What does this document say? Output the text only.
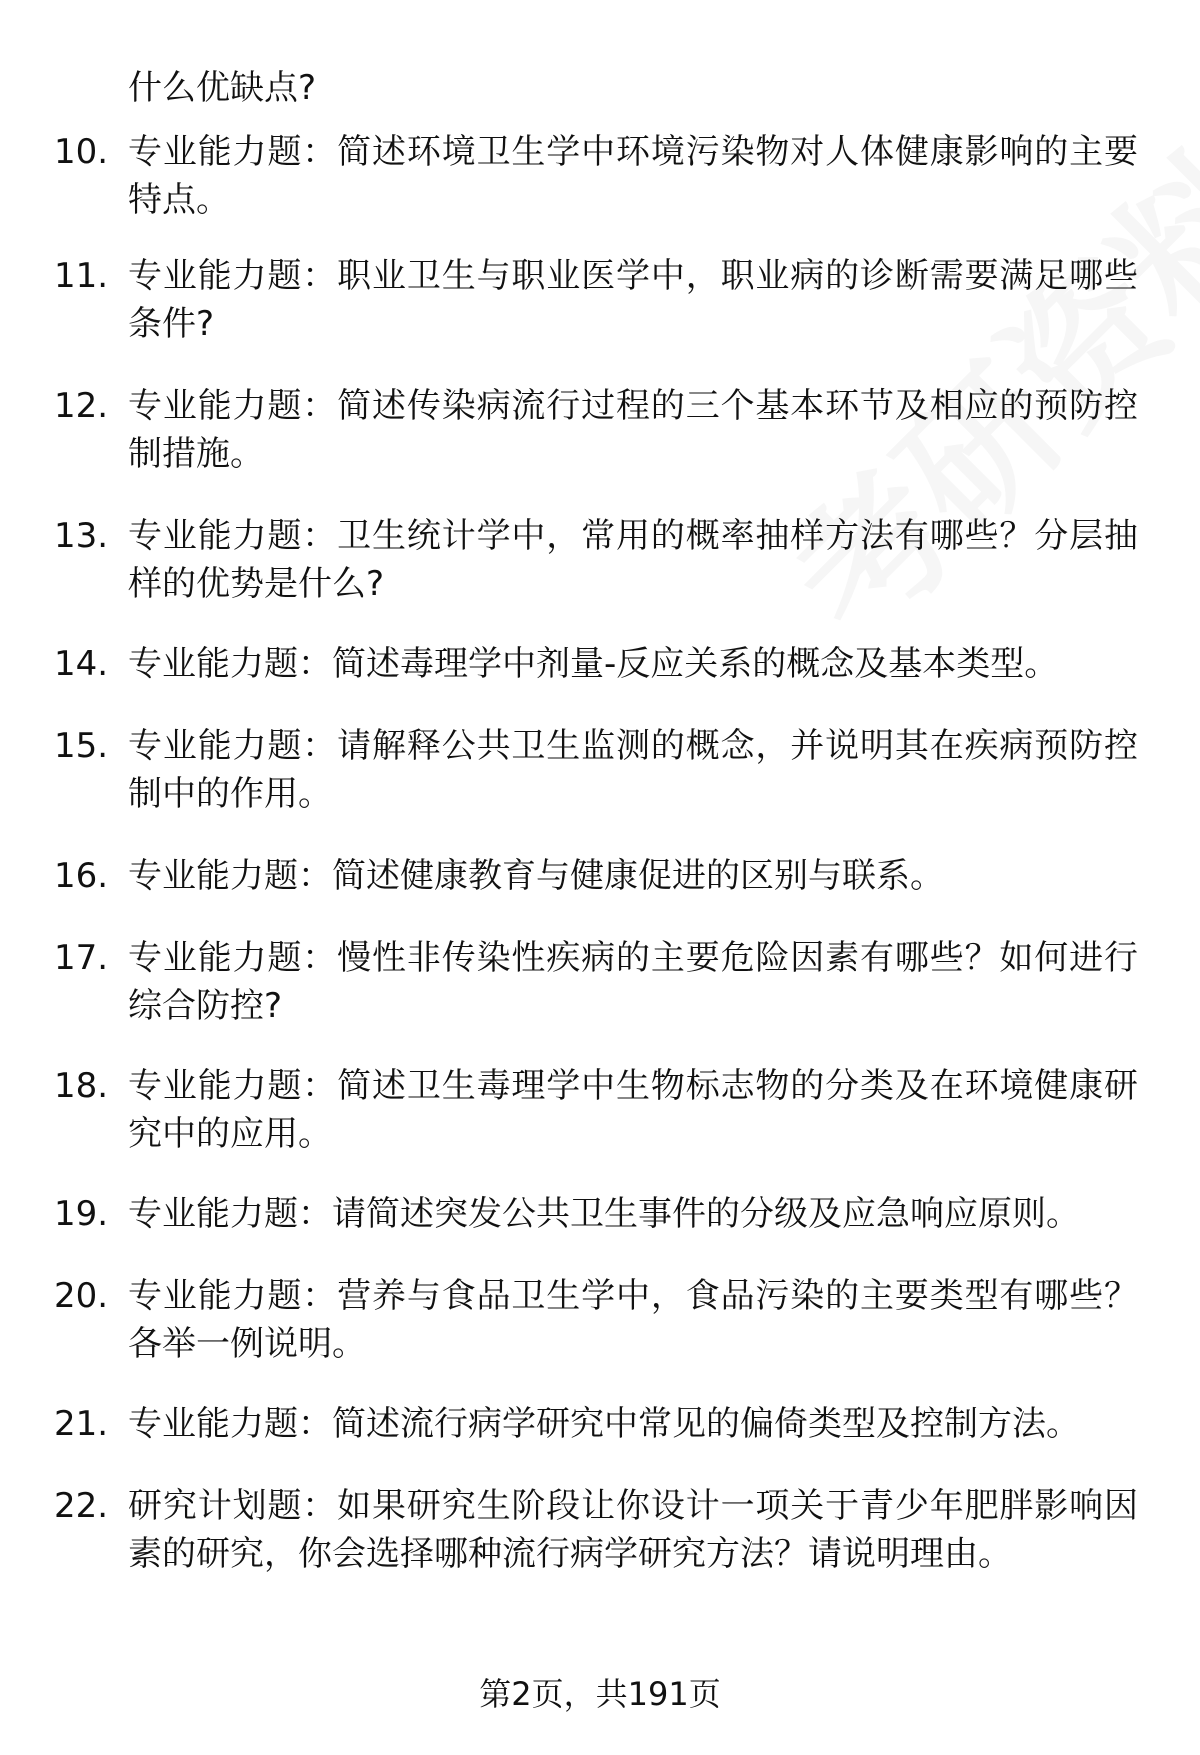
什么优缺点?
10. 专业能力题：简述环境卫生学中环境污染物对人体健康影响的主要特点。
11. 专业能力题：职业卫生与职业医学中，职业病的诊断需要满足哪些条件?
12. 专业能力题：简述传染病流行过程的三个基本环节及相应的预防控制措施。
13. 专业能力题：卫生统计学中，常用的概率抽样方法有哪些？分层抽样的优势是什么?
14. 专业能力题：简述毒理学中剂量-反应关系的概念及基本类型。
15. 专业能力题：请解释公共卫生监测的概念，并说明其在疾病预防控制中的作用。
16. 专业能力题：简述健康教育与健康促进的区别与联系。
17. 专业能力题：慢性非传染性疾病的主要危险因素有哪些？如何进行综合防控?
18. 专业能力题：简述卫生毒理学中生物标志物的分类及在环境健康研究中的应用。
19. 专业能力题：请简述突发公共卫生事件的分级及应急响应原则。
20. 专业能力题：营养与食品卫生学中，食品污染的主要类型有哪些？各举一例说明。
21. 专业能力题：简述流行病学研究中常见的偏倚类型及控制方法。
22. 研究计划题：如果研究生阶段让你设计一项关于青少年肥胖影响因素的研究，你会选择哪种流行病学研究方法？请说明理由。
第2页，共191页
